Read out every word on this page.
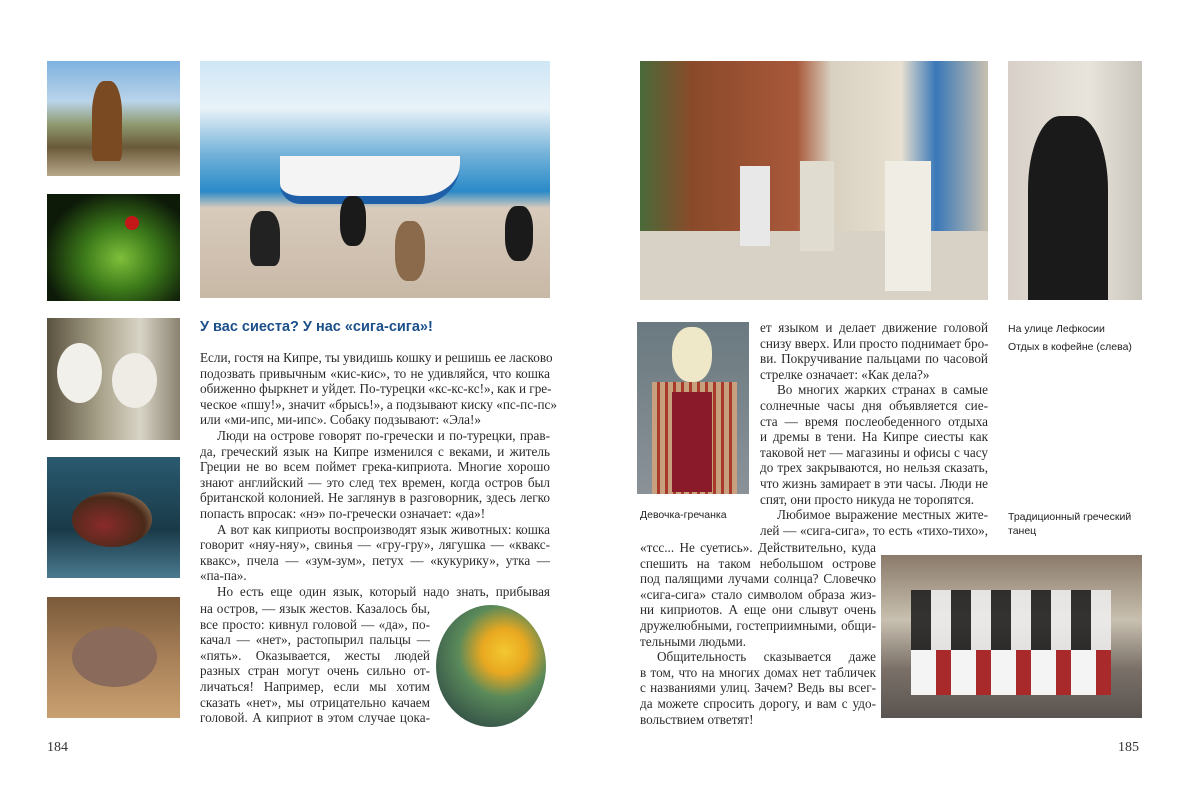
У вас сиеста? У нас «сига-сига»!
Если, гостя на Кипре, ты увидишь кошку и решишь ее ласково
подозвать привычным «кис-кис», то не удивляйся, что кошка
обиженно фыркнет и уйдет. По-турецки «кс-кс-кс!», как и гре-
ческое «пшу!», значит «брысь!», а подзывают киску «пс-пс-пс»
или «ми-ипс, ми-ипс». Собаку подзывают: «Эла!»
Люди на острове говорят по-гречески и по-турецки, прав-
да, греческий язык на Кипре изменился с веками, и житель
Греции не во всем поймет грека-киприота. Многие хорошо
знают английский — это след тех времен, когда остров был
британской колонией. Не заглянув в разговорник, здесь легко
попасть впросак: «нэ» по-гречески означает: «да»!
А вот как киприоты воспроизводят язык животных: кошка
говорит «няу-няу», свинья — «гру-гру», лягушка — «квакс-
квакс», пчела — «зум-зум», петух — «кукурику», утка —
«па-па».
Но есть еще один язык, который надо знать, прибывая
на остров, — язык жестов. Казалось бы,
все просто: кивнул головой — «да», по-
качал — «нет», растопырил пальцы —
«пять». Оказывается, жесты людей
разных стран могут очень сильно от-
личаться! Например, если мы хотим
сказать «нет», мы отрицательно качаем
головой. А киприот в этом случае цока-
184
ет языком и делает движение головой
снизу вверх. Или просто поднимает бро-
ви. Покручивание пальцами по часовой
стрелке означает: «Как дела?»
Во многих жарких странах в самые
солнечные часы дня объявляется сие-
ста — время послеобеденного отдыха
и дремы в тени. На Кипре сиесты как
таковой нет — магазины и офисы с часу
до трех закрываются, но нельзя сказать,
что жизнь замирает в эти часы. Люди не
спят, они просто никуда не торопятся.
Любимое выражение местных жите-
лей — «сига-сига», то есть «тихо-тихо»,
«тсс... Не суетись». Действительно, куда
спешить на таком небольшом острове
под палящими лучами солнца? Словечко
«сига-сига» стало символом образа жиз-
ни киприотов. А еще они слывут очень
дружелюбными, гостеприимными, общи-
тельными людьми.
Общительность сказывается даже
в том, что на многих домах нет табличек
с названиями улиц. Зачем? Ведь вы всег-
да можете спросить дорогу, и вам с удо-
вольствием ответят!
На улице Лефкосии
Отдых в кофейне (слева)
Девочка-гречанка	Традиционный греческий
танец
185
